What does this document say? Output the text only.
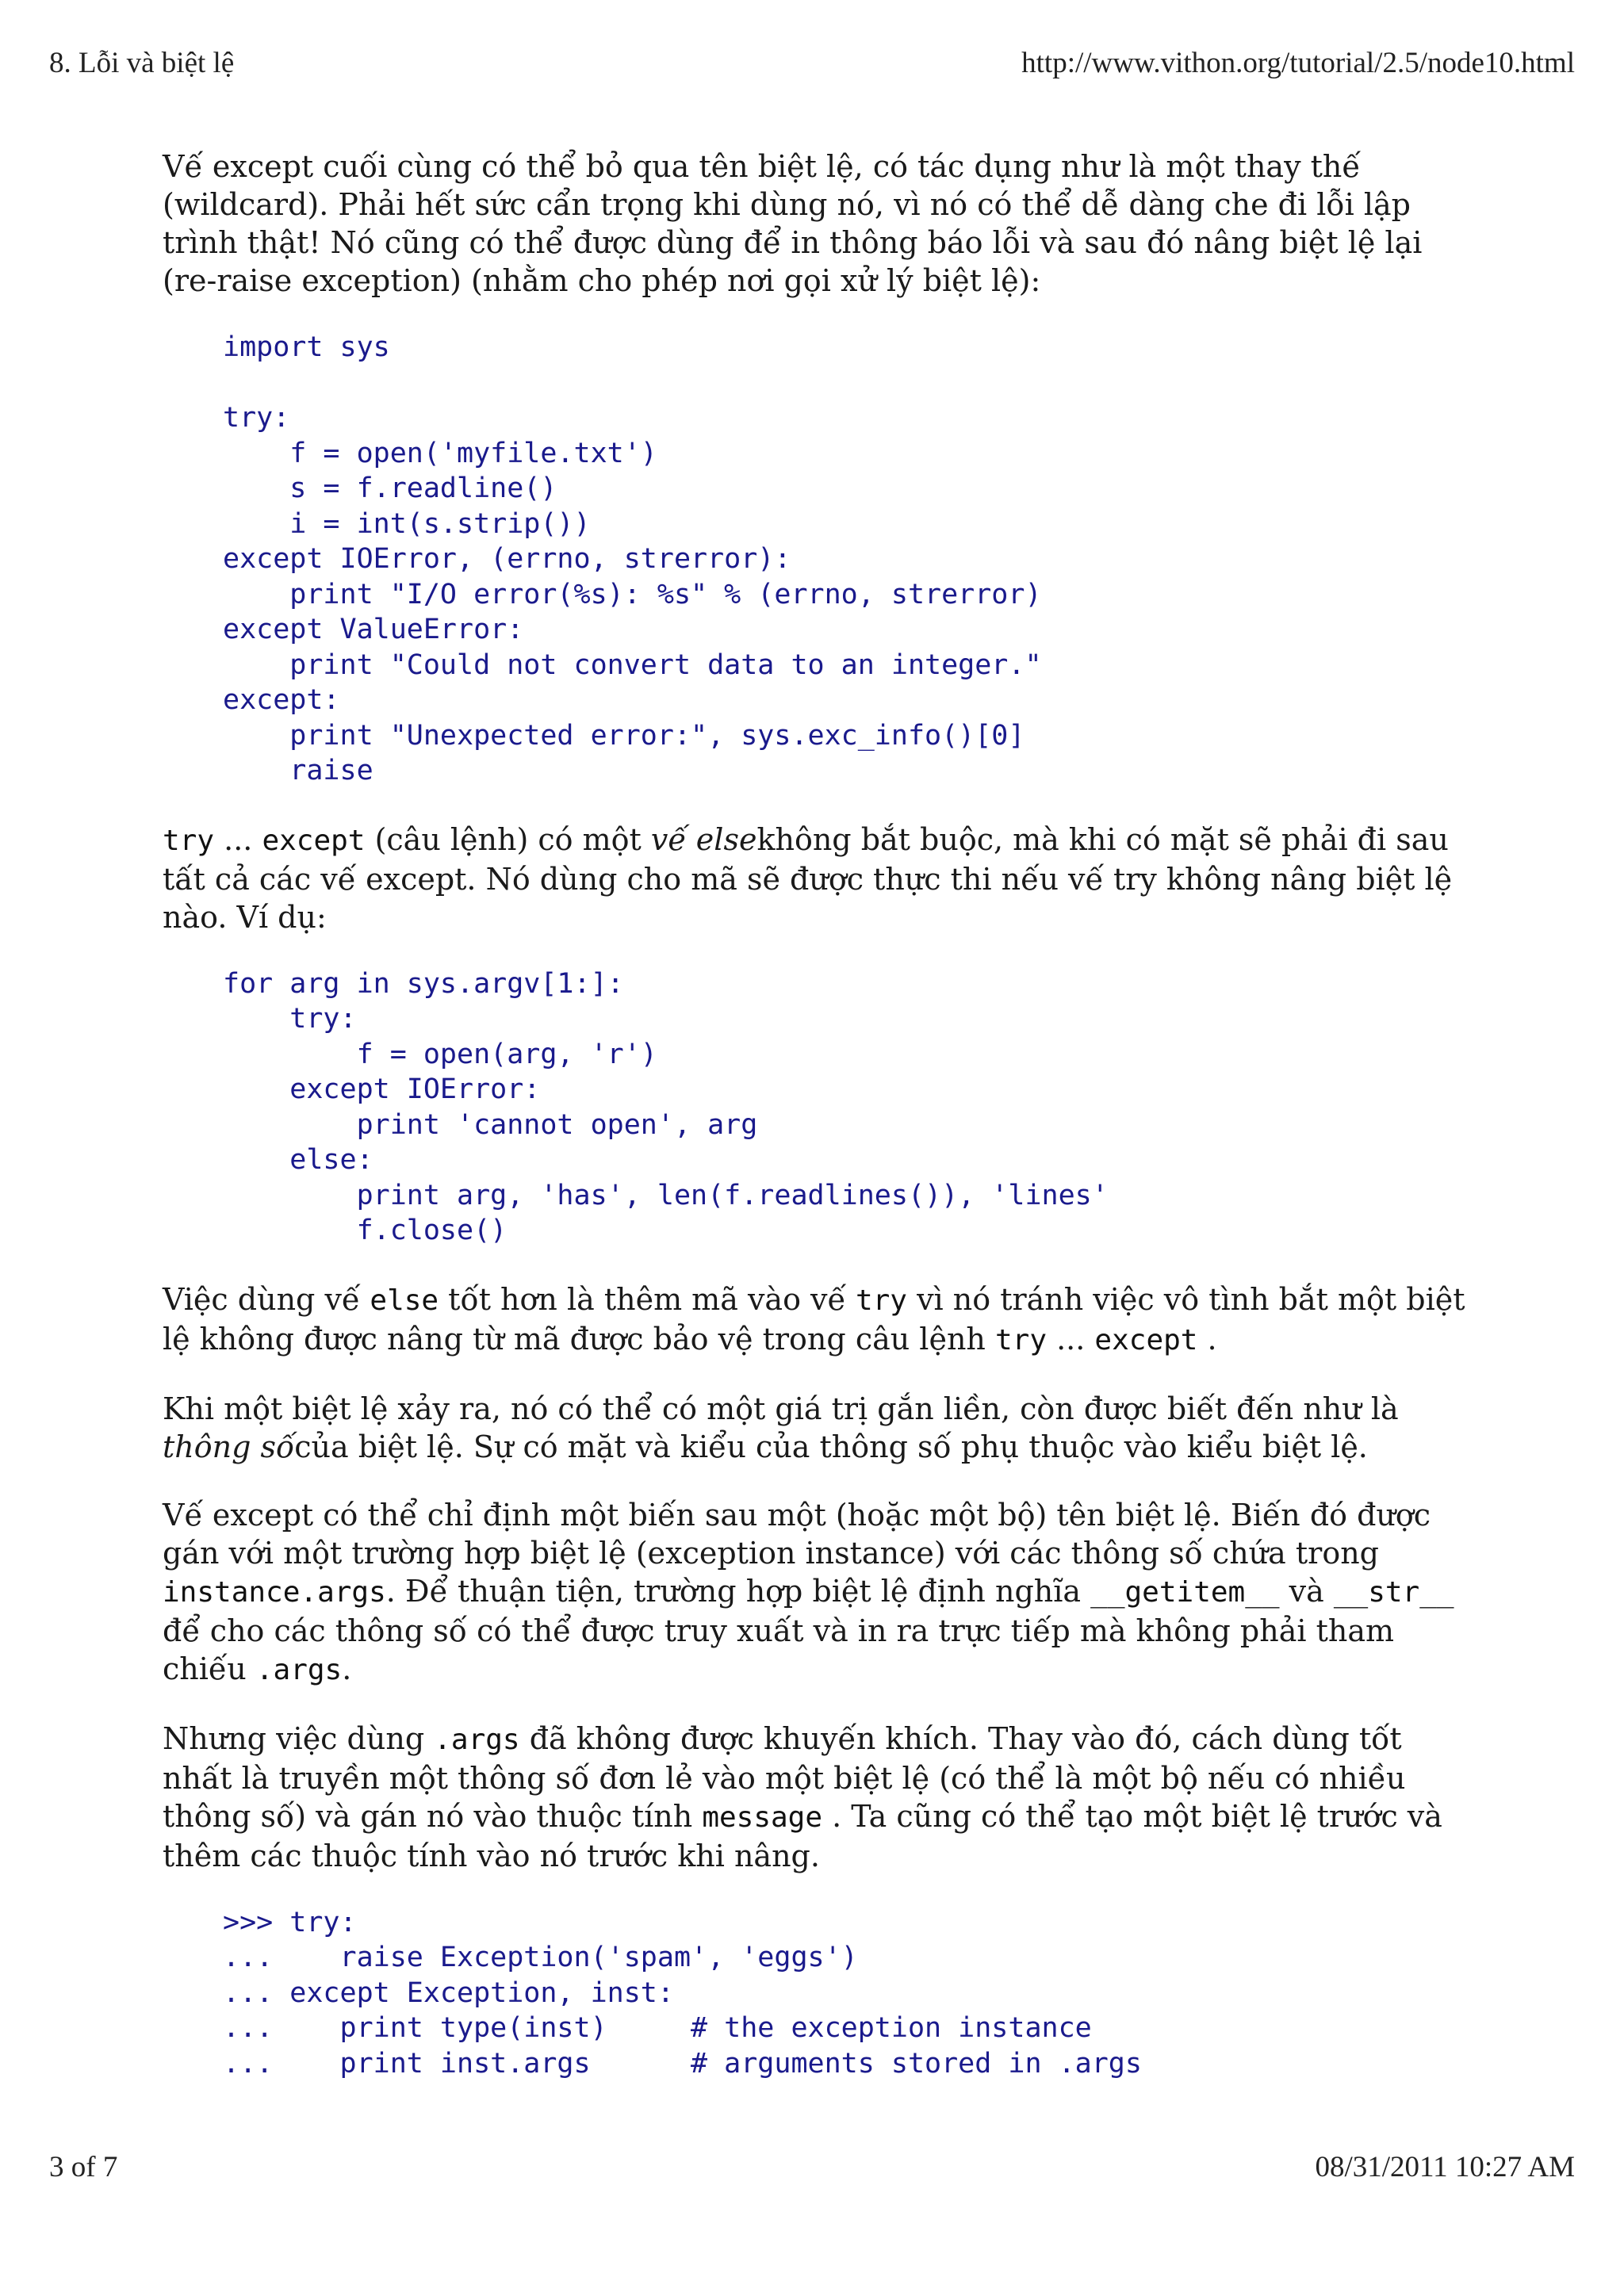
8. Lỗi và biệt lệ	http://www.vithon.org/tutorial/2.5/node10.html

Vế except cuối cùng có thể bỏ qua tên biệt lệ, có tác dụng như là một thay thế (wildcard). Phải hết sức cẩn trọng khi dùng nó, vì nó có thể dễ dàng che đi lỗi lập trình thật! Nó cũng có thể được dùng để in thông báo lỗi và sau đó nâng biệt lệ lại (re-raise exception) (nhằm cho phép nơi gọi xử lý biệt lệ):

import sys

try:
f = open('myfile.txt')
s = f.readline()
i = int(s.strip())
except IOError, (errno, strerror):
print "I/O error(%s): %s" % (errno, strerror)
except ValueError:
print "Could not convert data to an integer."
except:
print "Unexpected error:", sys.exc_info()[0]
raise

try ... except (câu lệnh) có một vế elsekhông bắt buộc, mà khi có mặt sẽ phải đi sau tất cả các vế except. Nó dùng cho mã sẽ được thực thi nếu vế try không nâng biệt lệ nào. Ví dụ:

for arg in sys.argv[1:]:
try:
f = open(arg, 'r')
except IOError:
print 'cannot open', arg
else:
print arg, 'has', len(f.readlines()), 'lines'
f.close()

Việc dùng vế else tốt hơn là thêm mã vào vế try vì nó tránh việc vô tình bắt một biệt lệ không được nâng từ mã được bảo vệ trong câu lệnh try ... except .

Khi một biệt lệ xảy ra, nó có thể có một giá trị gắn liền, còn được biết đến như là thông sốcủa biệt lệ. Sự có mặt và kiểu của thông số phụ thuộc vào kiểu biệt lệ.

Vế except có thể chỉ định một biến sau một (hoặc một bộ) tên biệt lệ. Biến đó được gán với một trường hợp biệt lệ (exception instance) với các thông số chứa trong instance.args. Để thuận tiện, trường hợp biệt lệ định nghĩa __getitem__ và __str__ để cho các thông số có thể được truy xuất và in ra trực tiếp mà không phải tham chiếu .args.

Nhưng việc dùng .args đã không được khuyến khích. Thay vào đó, cách dùng tốt nhất là truyền một thông số đơn lẻ vào một biệt lệ (có thể là một bộ nếu có nhiều thông số) và gán nó vào thuộc tính message . Ta cũng có thể tạo một biệt lệ trước và thêm các thuộc tính vào nó trước khi nâng.

>>> try:
...    raise Exception('spam', 'eggs')
... except Exception, inst:
...    print type(inst)     # the exception instance
...    print inst.args      # arguments stored in .args
3 of 7	08/31/2011 10:27 AM
